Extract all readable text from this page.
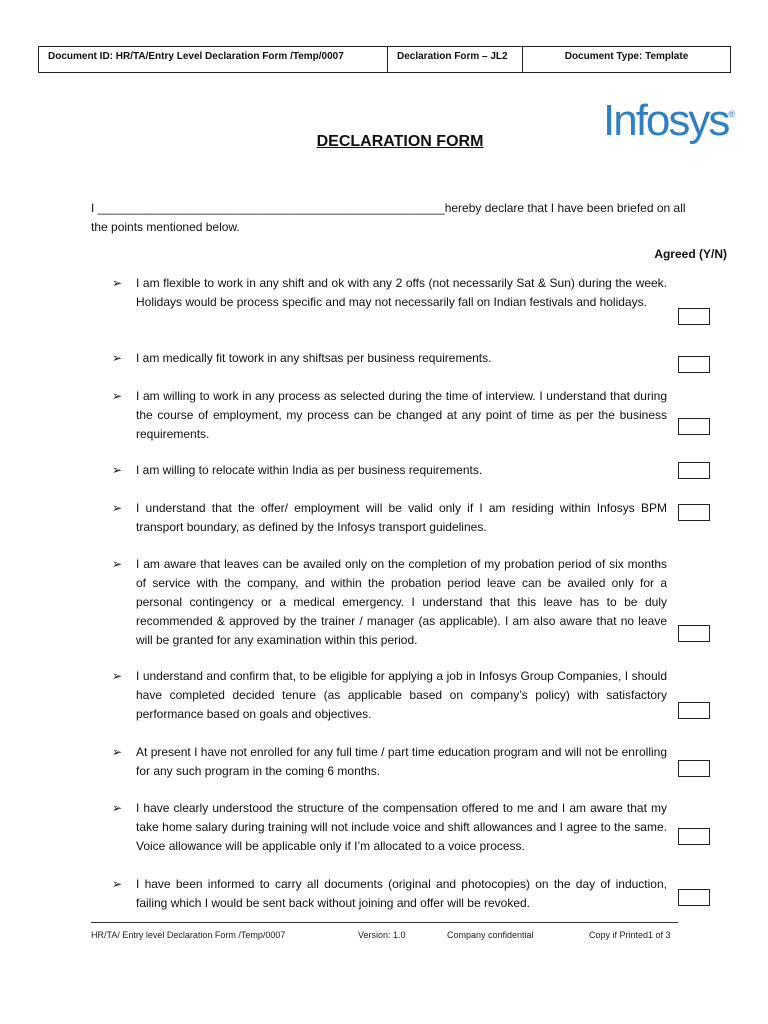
Document ID: HR/TA/Entry Level Declaration Form /Temp/0007	Declaration Form – JL2	Document Type: Template
Infosys®
DECLARATION FORM
I ____________________________________________________hereby declare that I have been briefed on all the points mentioned below.
Agreed (Y/N)
➢	I am flexible to work in any shift and ok with any 2 offs (not necessarily Sat & Sun) during the week. Holidays would be process specific and may not necessarily fall on Indian festivals and holidays.
➢	I am medically fit towork in any shiftsas per business requirements.
➢	I am willing to work in any process as selected during the time of interview. I understand that during the course of employment, my process can be changed at any point of time as per the business requirements.
➢	I am willing to relocate within India as per business requirements.
➢	I understand that the offer/ employment will be valid only if I am residing within Infosys BPM transport boundary, as defined by the Infosys transport guidelines.
➢	I am aware that leaves can be availed only on the completion of my probation period of six months of service with the company, and within the probation period leave can be availed only for a personal contingency or a medical emergency. I understand that this leave has to be duly recommended & approved by the trainer / manager (as applicable). I am also aware that no leave will be granted for any examination within this period.
➢	I understand and confirm that, to be eligible for applying a job in Infosys Group Companies, I should have completed decided tenure (as applicable based on company’s policy) with satisfactory performance based on goals and objectives.
➢	At present I have not enrolled for any full time / part time education program and will not be enrolling for any such program in the coming 6 months.
➢	I have clearly understood the structure of the compensation offered to me and I am aware that my take home salary during training will not include voice and shift allowances and I agree to the same. Voice allowance will be applicable only if I’m allocated to a voice process.
➢	I have been informed to carry all documents (original and photocopies) on the day of induction, failing which I would be sent back without joining and offer will be revoked.
HR/TA/ Entry level Declaration Form /Temp/0007	Version: 1.0	Company confidential	Copy if Printed1 of 3
